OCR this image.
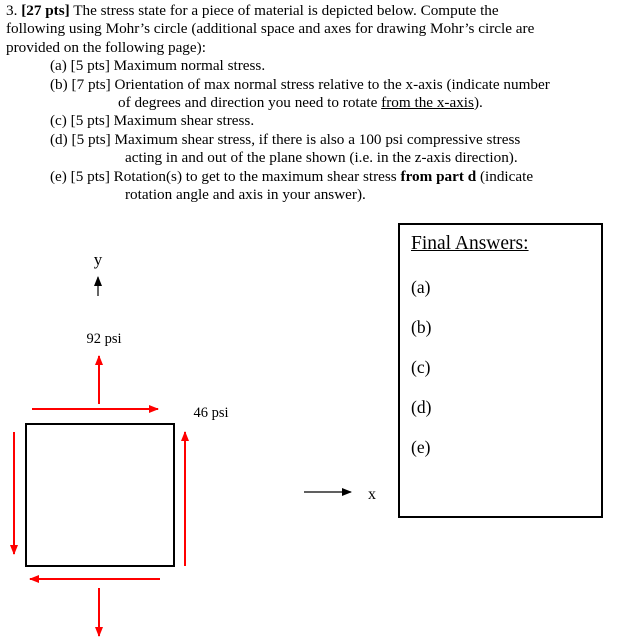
3. [27 pts] The stress state for a piece of material is depicted below. Compute the
following using Mohr’s circle (additional space and axes for drawing Mohr’s circle are
provided on the following page):
(a) [5 pts] Maximum normal stress.
(b) [7 pts] Orientation of max normal stress relative to the x-axis (indicate number
of degrees and direction you need to rotate from the x-axis).
(c) [5 pts] Maximum shear stress.
(d) [5 pts] Maximum shear stress, if there is also a 100 psi compressive stress
acting in and out of the plane shown (i.e. in the z-axis direction).
(e) [5 pts] Rotation(s) to get to the maximum shear stress from part d (indicate
rotation angle and axis in your answer).
y
92 psi
46 psi
x
Final Answers:
(a)
(b)
(c)
(d)
(e)
